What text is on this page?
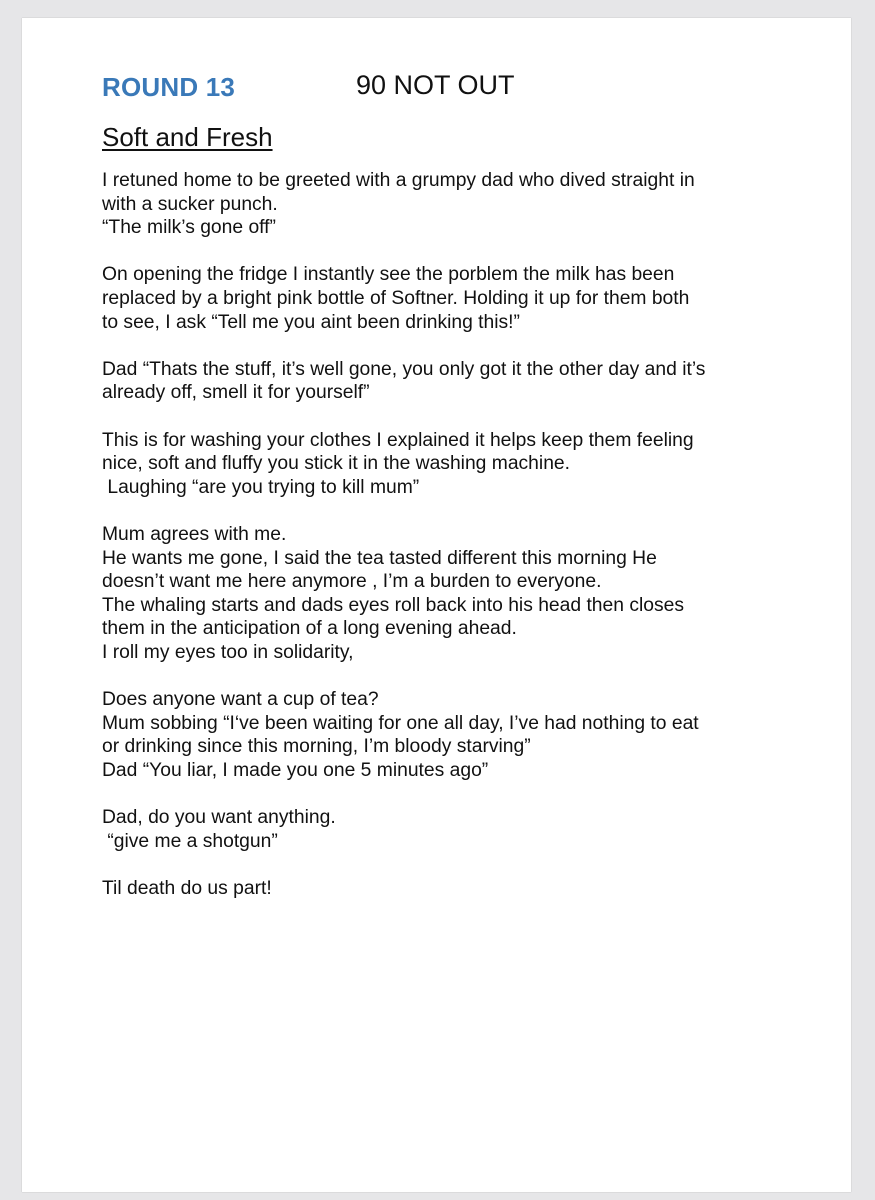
ROUND 13	90 NOT OUT
Soft and Fresh
I retuned home to be greeted with a grumpy dad who dived straight in
with a sucker punch.
“The milk’s gone off”
On opening the fridge I instantly see the porblem the milk has been
replaced by a bright pink bottle of Softner. Holding it up for them both
to see, I ask “Tell me you aint been drinking this!”
Dad “Thats the stuff, it’s well gone, you only got it the other day and it’s
already off, smell it for yourself”
This is for washing your clothes I explained it helps keep them feeling
nice, soft and fluffy you stick it in the washing machine.
Laughing “are you trying to kill mum”
Mum agrees with me.
He wants me gone, I said the tea tasted different this morning He
doesn’t want me here anymore , I’m a burden to everyone.
The whaling starts and dads eyes roll back into his head then closes
them in the anticipation of a long evening ahead.
I roll my eyes too in solidarity,
Does anyone want a cup of tea?
Mum sobbing “I‘ve been waiting for one all day, I’ve had nothing to eat
or drinking since this morning, I’m bloody starving”
Dad “You liar, I made you one 5 minutes ago”
Dad, do you want anything.
“give me a shotgun”
Til death do us part!
